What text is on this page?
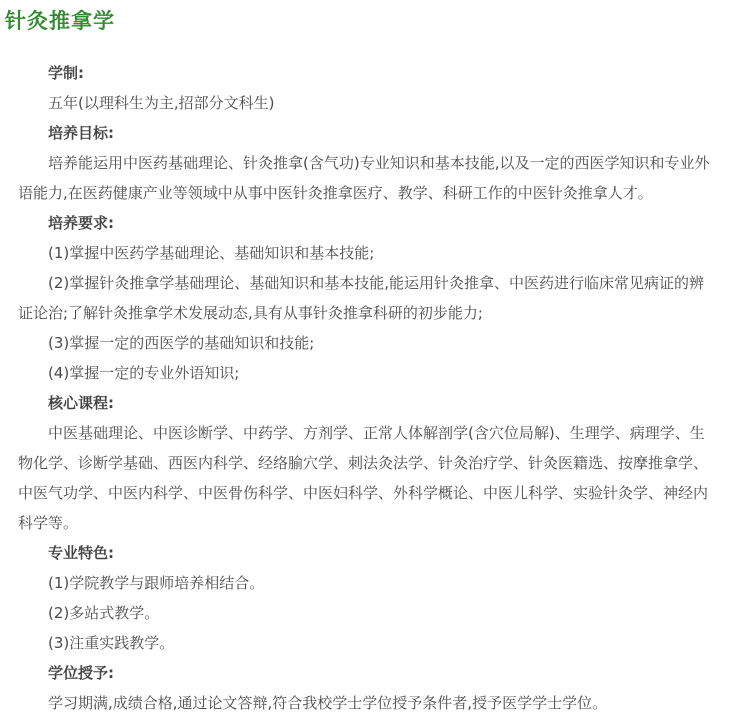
针灸推拿学

学制:

五年(以理科生为主,招部分文科生)

培养目标:

培养能运用中医药基础理论、针灸推拿(含气功)专业知识和基本技能,以及一定的西医学知识和专业外语能力,在医药健康产业等领域中从事中医针灸推拿医疗、教学、科研工作的中医针灸推拿人才。

培养要求:

(1)掌握中医药学基础理论、基础知识和基本技能;

(2)掌握针灸推拿学基础理论、基础知识和基本技能,能运用针灸推拿、中医药进行临床常见病证的辨证论治;了解针灸推拿学术发展动态,具有从事针灸推拿科研的初步能力;

(3)掌握一定的西医学的基础知识和技能;

(4)掌握一定的专业外语知识;

核心课程:

中医基础理论、中医诊断学、中药学、方剂学、正常人体解剖学(含穴位局解)、生理学、病理学、生物化学、诊断学基础、西医内科学、经络腧穴学、刺法灸法学、针灸治疗学、针灸医籍选、按摩推拿学、中医气功学、中医内科学、中医骨伤科学、中医妇科学、外科学概论、中医儿科学、实验针灸学、神经内科学等。

专业特色:

(1)学院教学与跟师培养相结合。

(2)多站式教学。

(3)注重实践教学。

学位授予:

学习期满,成绩合格,通过论文答辩,符合我校学士学位授予条件者,授予医学学士学位。
